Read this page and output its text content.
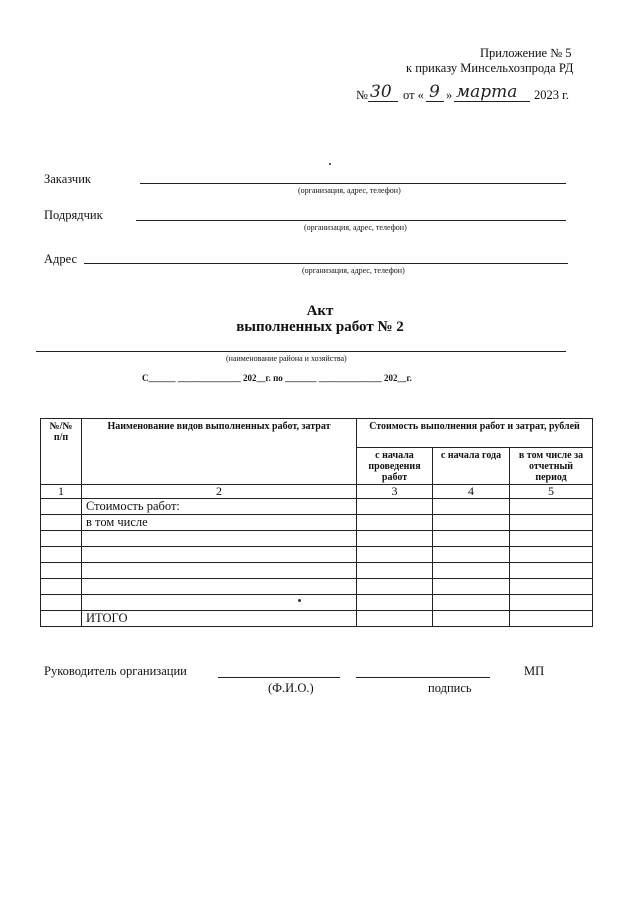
Приложение № 5
к приказу Минсельхозпрода РД
№ 30 от « 9 » марта 2023 г.
Заказчик
(организация, адрес, телефон)
Подрядчик
(организация, адрес, телефон)
Адрес
(организация, адрес, телефон)
Акт
выполненных работ № 2
(наименование района и хозяйства)
С______ ______________ 202__г. по _______ ______________ 202__г.
№/№ п/п	Наименование видов выполненных работ, затрат	Стоимость выполнения работ и затрат, рублей		
		с начала проведения работ	с начала года	в том числе за отчетный период
1	2	3	4	5
	Стоимость работ:			
	в том числе			

	ИТОГО			
Руководитель организации	МП
(Ф.И.О.)	подпись
